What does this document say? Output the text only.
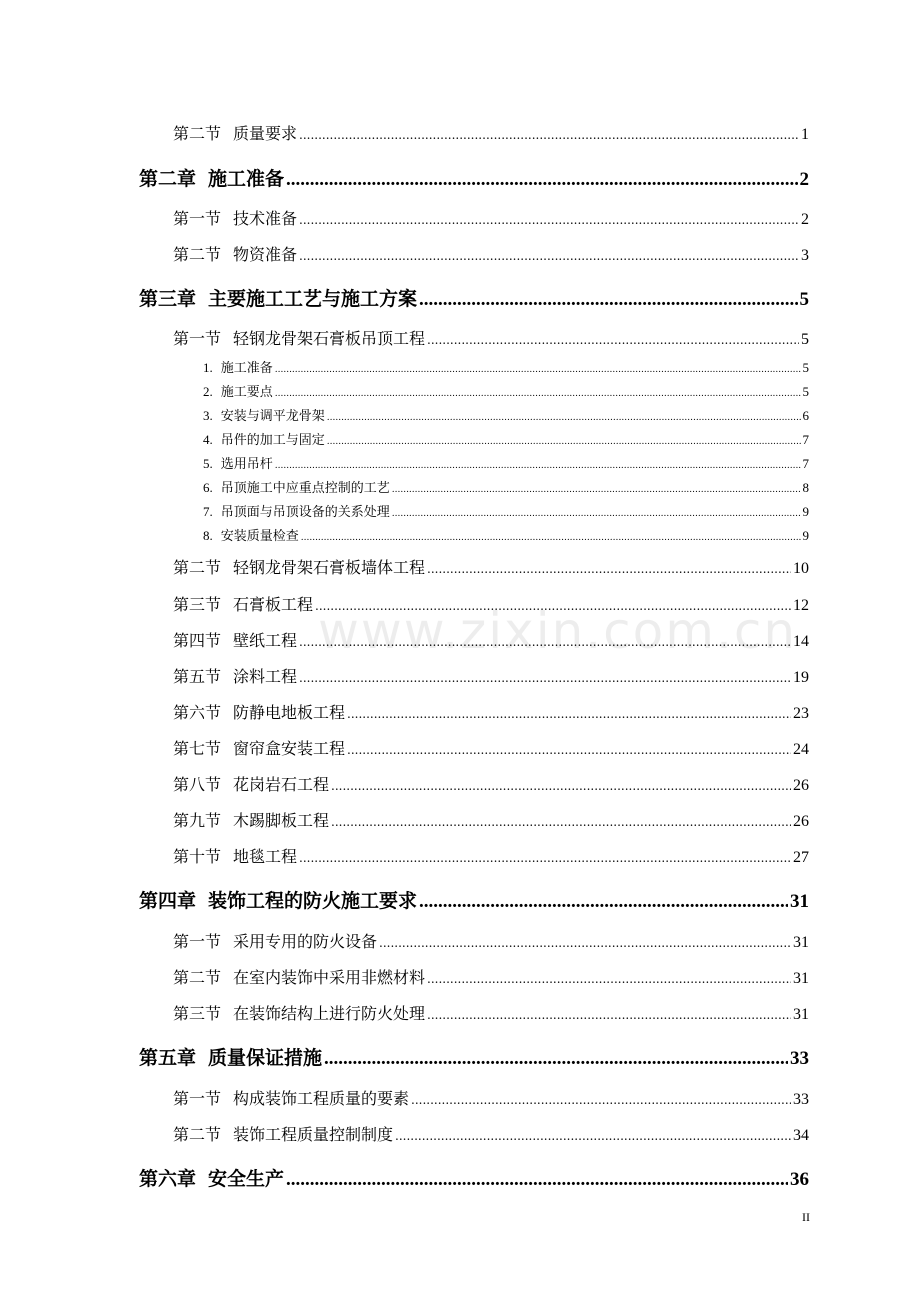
www.zixin.com.cn
第二节 质量要求 .....	1
第二章 施工准备 .....	2
第一节 技术准备 .....	2
第二节 物资准备 .....	3
第三章 主要施工工艺与施工方案 .....	5
第一节 轻钢龙骨架石膏板吊顶工程 .....	5
1. 施工准备 .....	5
2. 施工要点 .....	5
3. 安装与调平龙骨架 .....	6
4. 吊件的加工与固定 .....	7
5. 选用吊杆 .....	7
6. 吊顶施工中应重点控制的工艺 .....	8
7. 吊顶面与吊顶设备的关系处理 .....	9
8. 安装质量检查 .....	9
第二节 轻钢龙骨架石膏板墙体工程 .....	10
第三节 石膏板工程 .....	12
第四节 壁纸工程 .....	14
第五节 涂料工程 .....	19
第六节 防静电地板工程 .....	23
第七节 窗帘盒安装工程 .....	24
第八节 花岗岩石工程 .....	26
第九节 木踢脚板工程 .....	26
第十节 地毯工程 .....	27
第四章 装饰工程的防火施工要求 .....	31
第一节 采用专用的防火设备 .....	31
第二节 在室内装饰中采用非燃材料 .....	31
第三节 在装饰结构上进行防火处理 .....	31
第五章 质量保证措施 .....	33
第一节 构成装饰工程质量的要素 .....	33
第二节 装饰工程质量控制制度 .....	34
第六章 安全生产 .....	36
II
